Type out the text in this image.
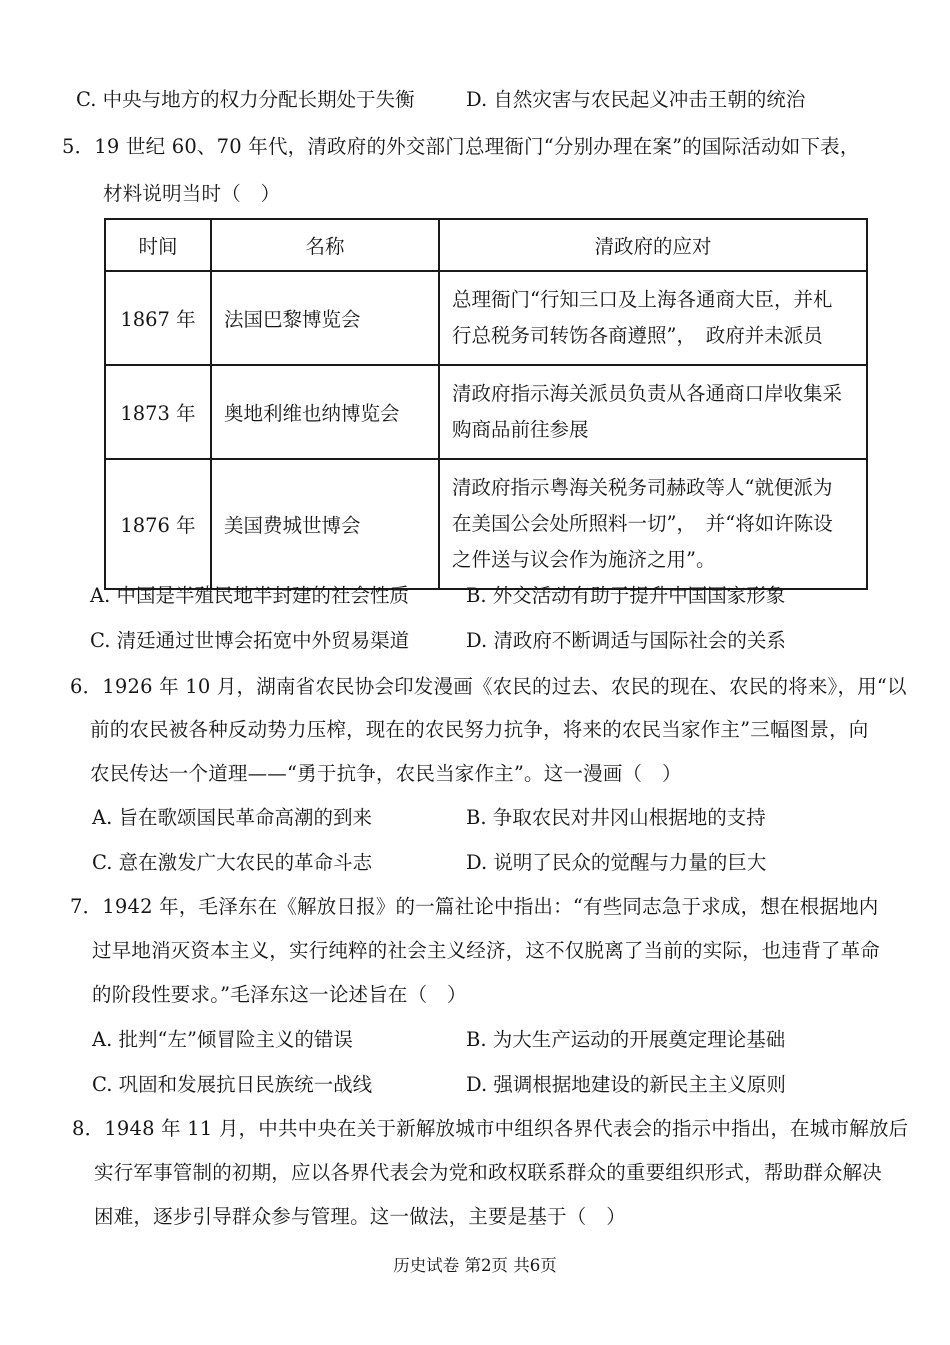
C. 中央与地方的权力分配长期处于失衡	D. 自然灾害与农民起义冲击王朝的统治
5．19 世纪 60、70 年代，清政府的外交部门总理衙门“分别办理在案”的国际活动如下表，
材料说明当时（　）
时间	名称	清政府的应对
1867 年	法国巴黎博览会	总理衙门“行知三口及上海各通商大臣，并札
行总税务司转饬各商遵照”，　政府并未派员

1873 年	奥地利维也纳博览会	清政府指示海关派员负责从各通商口岸收集采
购商品前往参展

1876 年	美国费城世博会	清政府指示粤海关税务司赫政等人“就便派为
在美国公会处所照料一切”，　并“将如许陈设
之件送与议会作为施济之用”。
A. 中国是半殖民地半封建的社会性质	B. 外交活动有助于提升中国国家形象
C. 清廷通过世博会拓宽中外贸易渠道	D. 清政府不断调适与国际社会的关系
6．1926 年 10 月，湖南省农民协会印发漫画《农民的过去、农民的现在、农民的将来》，用“以
前的农民被各种反动势力压榨，现在的农民努力抗争，将来的农民当家作主”三幅图景，向
农民传达一个道理——“勇于抗争，农民当家作主”。这一漫画（　）
A. 旨在歌颂国民革命高潮的到来	B. 争取农民对井冈山根据地的支持
C. 意在激发广大农民的革命斗志	D. 说明了民众的觉醒与力量的巨大
7．1942 年，毛泽东在《解放日报》的一篇社论中指出：“有些同志急于求成，想在根据地内
过早地消灭资本主义，实行纯粹的社会主义经济，这不仅脱离了当前的实际，也违背了革命
的阶段性要求。”毛泽东这一论述旨在（　）
A. 批判“左”倾冒险主义的错误	B. 为大生产运动的开展奠定理论基础
C. 巩固和发展抗日民族统一战线	D. 强调根据地建设的新民主主义原则
8．1948 年 11 月，中共中央在关于新解放城市中组织各界代表会的指示中指出，在城市解放后
实行军事管制的初期，应以各界代表会为党和政权联系群众的重要组织形式，帮助群众解决
困难，逐步引导群众参与管理。这一做法，主要是基于（　）
历史试卷 第2页 共6页
